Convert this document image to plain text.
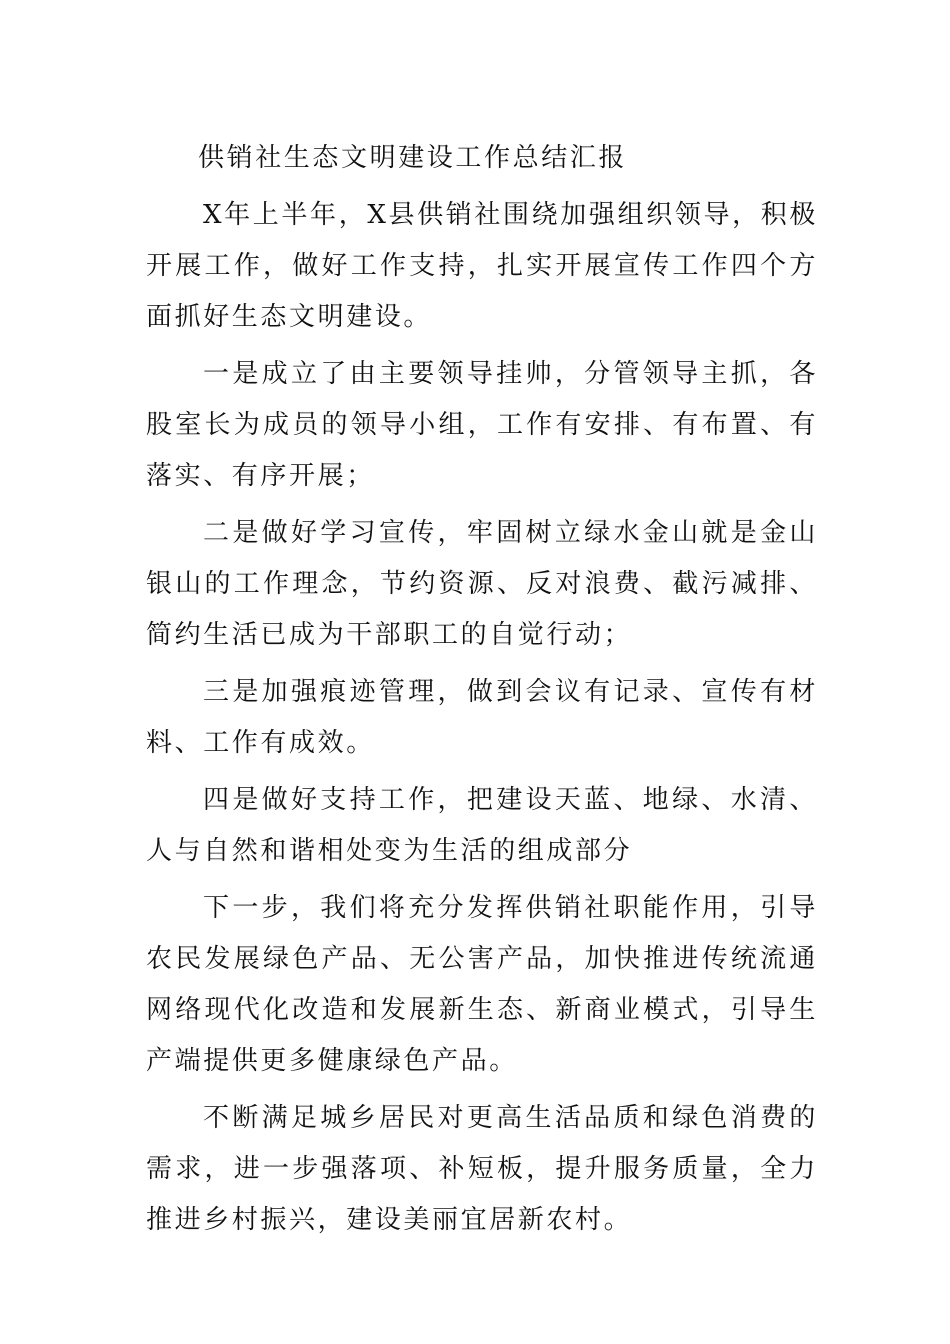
供销社生态文明建设工作总结汇报

X年上半年，X县供销社围绕加强组织领导，积极开展工作，做好工作支持，扎实开展宣传工作四个方面抓好生态文明建设。

一是成立了由主要领导挂帅，分管领导主抓，各股室长为成员的领导小组，工作有安排、有布置、有落实、有序开展；

二是做好学习宣传，牢固树立绿水金山就是金山银山的工作理念，节约资源、反对浪费、截污减排、简约生活已成为干部职工的自觉行动；

三是加强痕迹管理，做到会议有记录、宣传有材料、工作有成效。

四是做好支持工作，把建设天蓝、地绿、水清、人与自然和谐相处变为生活的组成部分

下一步，我们将充分发挥供销社职能作用，引导农民发展绿色产品、无公害产品，加快推进传统流通网络现代化改造和发展新生态、新商业模式，引导生产端提供更多健康绿色产品。

不断满足城乡居民对更高生活品质和绿色消费的需求，进一步强落项、补短板，提升服务质量，全力推进乡村振兴，建设美丽宜居新农村。
